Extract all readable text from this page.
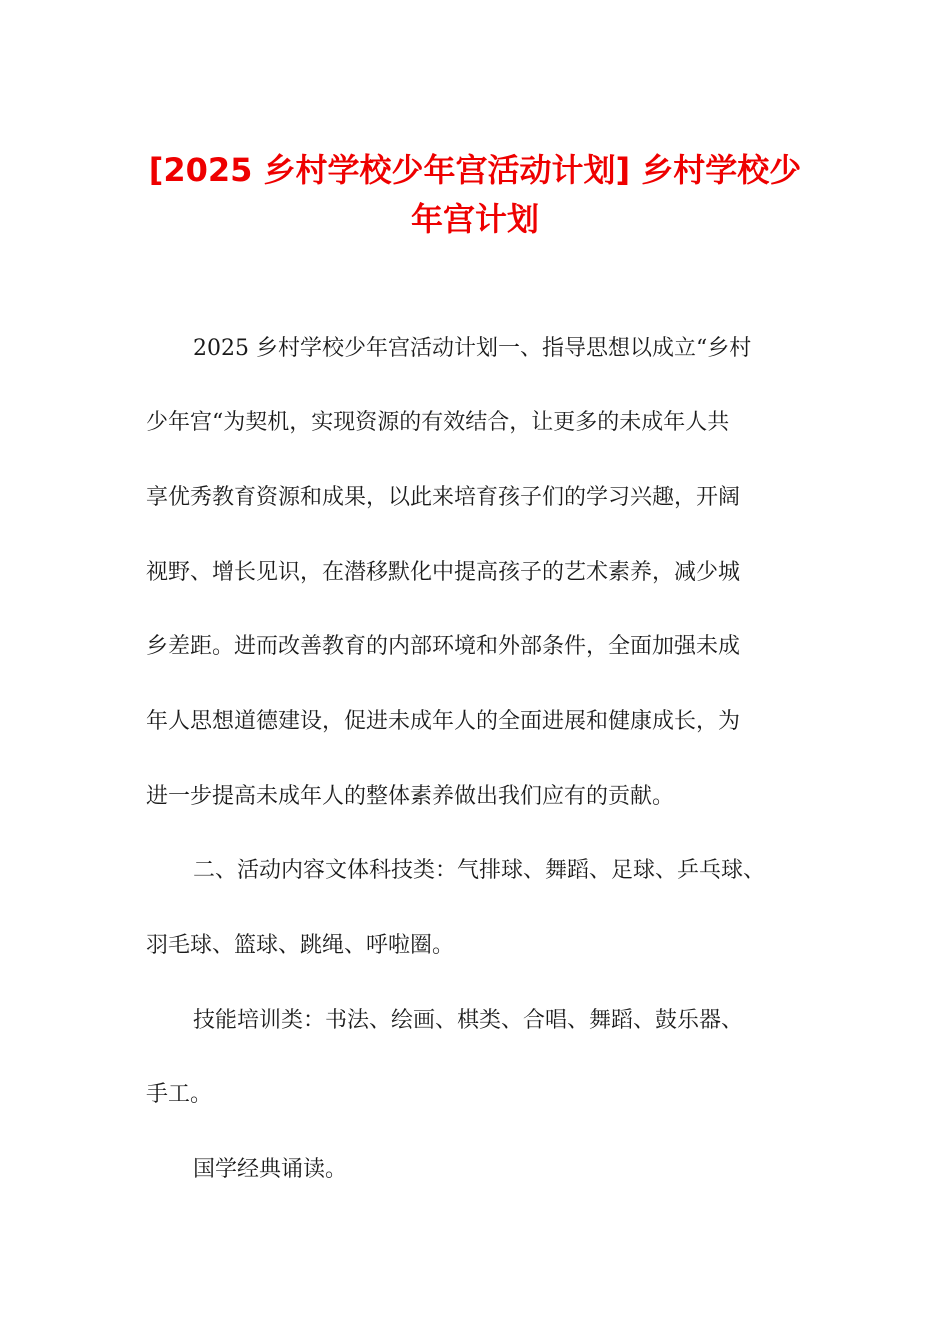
[2025 乡村学校少年宫活动计划] 乡村学校少
年宫计划

2025 乡村学校少年宫活动计划一、指导思想以成立“乡村

少年宫“为契机，实现资源的有效结合，让更多的未成年人共

享优秀教育资源和成果，以此来培育孩子们的学习兴趣，开阔

视野、增长见识，在潜移默化中提高孩子的艺术素养，减少城

乡差距。进而改善教育的内部环境和外部条件，全面加强未成

年人思想道德建设，促进未成年人的全面进展和健康成长，为

进一步提高未成年人的整体素养做出我们应有的贡献。

二、活动内容文体科技类：气排球、舞蹈、足球、乒乓球、

羽毛球、篮球、跳绳、呼啦圈。

技能培训类：书法、绘画、棋类、合唱、舞蹈、鼓乐器、

手工。

国学经典诵读。
